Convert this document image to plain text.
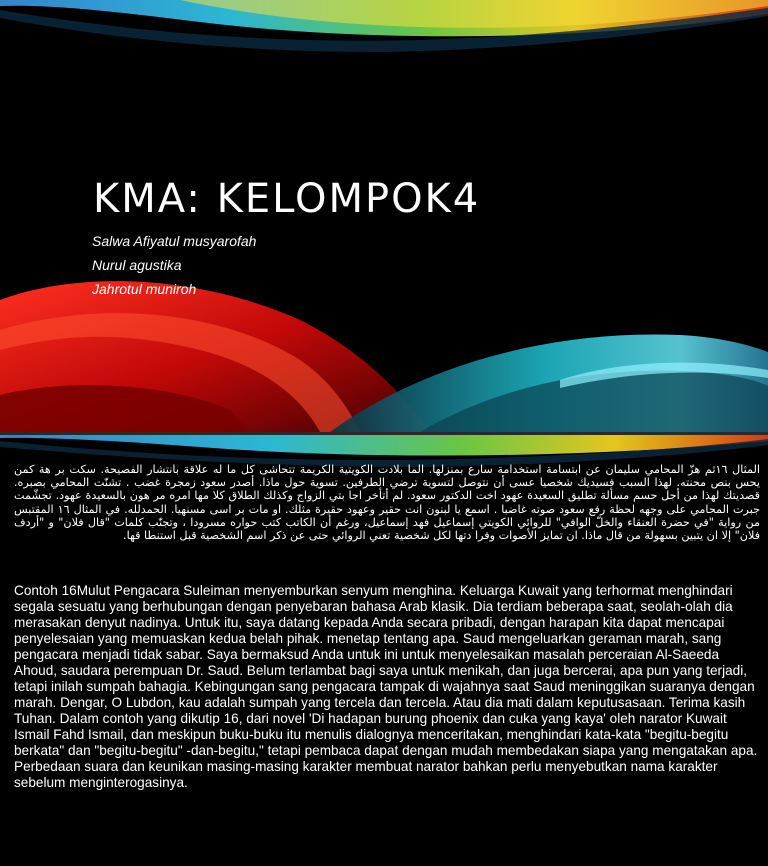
KMA: KELOMPOK4
Salwa Afiyatul musyarofah
Nurul agustika
Jahrotul muniroh

المثال ١٦ثم هزّ المحامي سليمان عن ابتسامة استخدامة سارع بمنزلها. الما بلادت الكويتية الكريمة تتحاشى كل ما له علاقة بانتشار الفصيحة. سكت بر هة كمن يحس بنص محنته. لهذا السبب فسيديك شخصيا عسى أن نتوصل لتسوية ترضي الطرفين. تسوية حول ماذا. أصدر سعود زمجرة غضب . تشنّت المحامي بصبره. قصديتك لهذا من أجل حسم مسألة تطليق السعيدة عهود اخت الدكتور سعود. لم أتأخر اجا بتي الزواج وكذلك الطلاق كلا مها امره مر هون بالسعيدة عهود. تجشّمت جبرت المحامي على وجهه لحظة رفع سعود صوته غاضبا . اسمع يا لبنون انت حقير وعهود حقيرة مثلك. او مات بر اسى مسنهيا. الحمدلله. في المثال ١٦ المقتبس من رواية "في حضرة العنقاء والخلّ الوافي" للروائي الكويتي إسماعيل فهد إسماعيل، ورغم أن الكاتب كتب حواره مسرودا ، وتجنّب كلمات "قال فلان" و "أردف فلان" إلا ان يتبين بسهولة من قال ماذا. ان تمايز الأصوات وفرا دتها لكل شخصية تعني الروائي حتى عن ذكر اسم الشخصية قبل استنطا قها.

Contoh 16Mulut Pengacara Suleiman menyemburkan senyum menghina. Keluarga Kuwait yang terhormat menghindari segala sesuatu yang berhubungan dengan penyebaran bahasa Arab klasik. Dia terdiam beberapa saat, seolah-olah dia merasakan denyut nadinya. Untuk itu, saya datang kepada Anda secara pribadi, dengan harapan kita dapat mencapai penyelesaian yang memuaskan kedua belah pihak. menetap tentang apa. Saud mengeluarkan geraman marah, sang pengacara menjadi tidak sabar. Saya bermaksud Anda untuk ini untuk menyelesaikan masalah perceraian Al-Saeeda Ahoud, saudara perempuan Dr. Saud. Belum terlambat bagi saya untuk menikah, dan juga bercerai, apa pun yang terjadi, tetapi inilah sumpah bahagia. Kebingungan sang pengacara tampak di wajahnya saat Saud meninggikan suaranya dengan marah. Dengar, O Lubdon, kau adalah sumpah yang tercela dan tercela. Atau dia mati dalam keputusasaan. Terima kasih Tuhan. Dalam contoh yang dikutip 16, dari novel 'Di hadapan burung phoenix dan cuka yang kaya' oleh narator Kuwait Ismail Fahd Ismail, dan meskipun buku-buku itu menulis dialognya menceritakan, menghindari kata-kata "begitu-begitu berkata" dan "begitu-begitu" -dan-begitu," tetapi pembaca dapat dengan mudah membedakan siapa yang mengatakan apa. Perbedaan suara dan keunikan masing-masing karakter membuat narator bahkan perlu menyebutkan nama karakter sebelum menginterogasinya.
